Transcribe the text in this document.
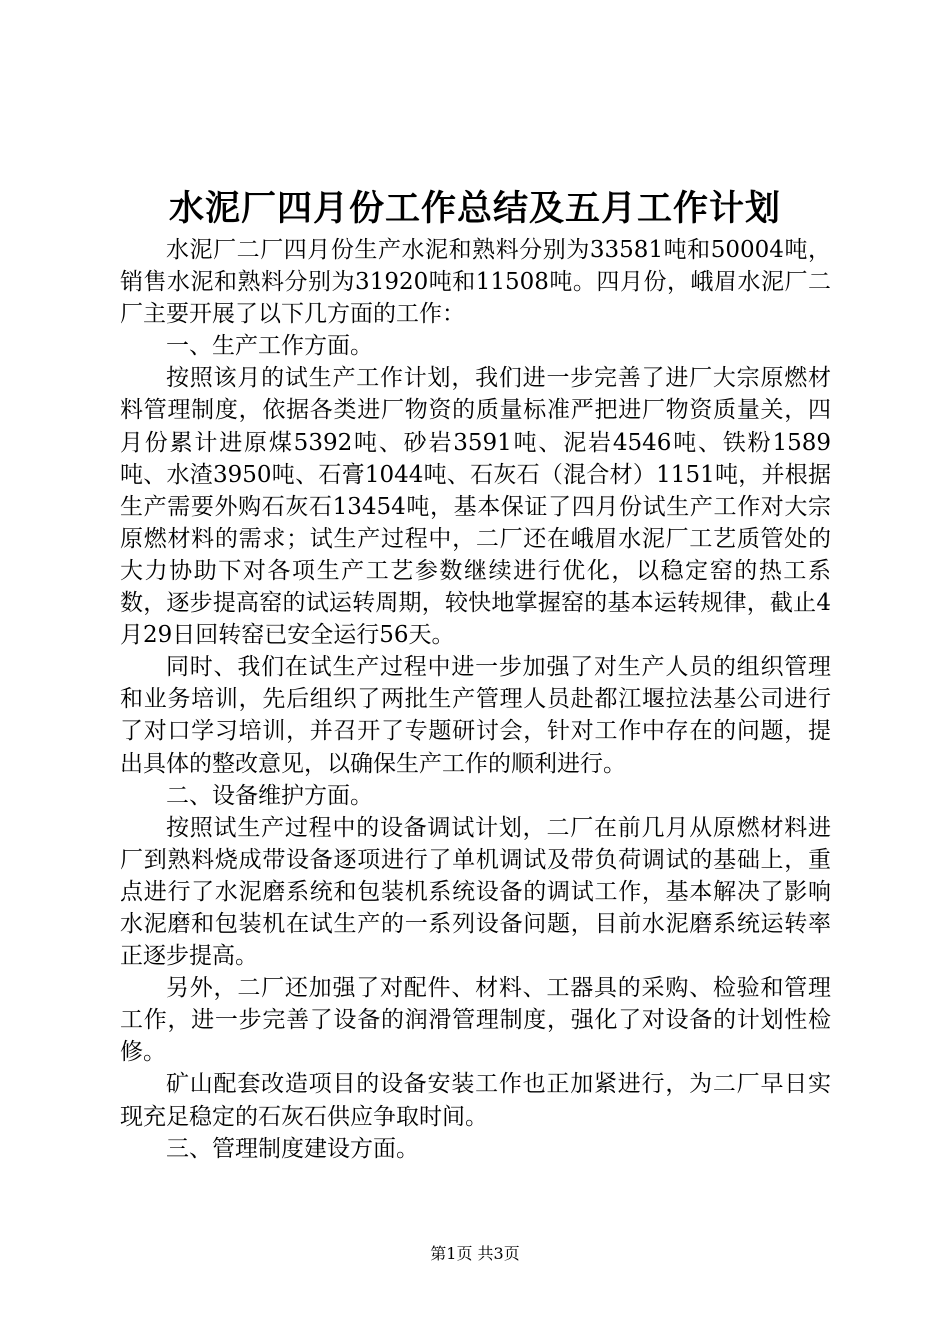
水泥厂四月份工作总结及五月工作计划

水泥厂二厂四月份生产水泥和熟料分别为33581吨和50004吨，销售水泥和熟料分别为31920吨和11508吨。四月份，峨眉水泥厂二厂主要开展了以下几方面的工作：

一、生产工作方面。

按照该月的试生产工作计划，我们进一步完善了进厂大宗原燃材料管理制度，依据各类进厂物资的质量标准严把进厂物资质量关，四月份累计进原煤5392吨、砂岩3591吨、泥岩4546吨、铁粉1589吨、水渣3950吨、石膏1044吨、石灰石（混合材）1151吨，并根据生产需要外购石灰石13454吨，基本保证了四月份试生产工作对大宗原燃材料的需求；试生产过程中，二厂还在峨眉水泥厂工艺质管处的大力协助下对各项生产工艺参数继续进行优化，以稳定窑的热工系数，逐步提高窑的试运转周期，较快地掌握窑的基本运转规律，截止4月29日回转窑已安全运行56天。

同时、我们在试生产过程中进一步加强了对生产人员的组织管理和业务培训，先后组织了两批生产管理人员赴都江堰拉法基公司进行了对口学习培训，并召开了专题研讨会，针对工作中存在的问题，提出具体的整改意见，以确保生产工作的顺利进行。

二、设备维护方面。

按照试生产过程中的设备调试计划，二厂在前几月从原燃材料进厂到熟料烧成带设备逐项进行了单机调试及带负荷调试的基础上，重点进行了水泥磨系统和包装机系统设备的调试工作，基本解决了影响水泥磨和包装机在试生产的一系列设备问题，目前水泥磨系统运转率正逐步提高。

另外，二厂还加强了对配件、材料、工器具的采购、检验和管理工作，进一步完善了设备的润滑管理制度，强化了对设备的计划性检修。

矿山配套改造项目的设备安装工作也正加紧进行，为二厂早日实现充足稳定的石灰石供应争取时间。

三、管理制度建设方面。

第1页 共3页
